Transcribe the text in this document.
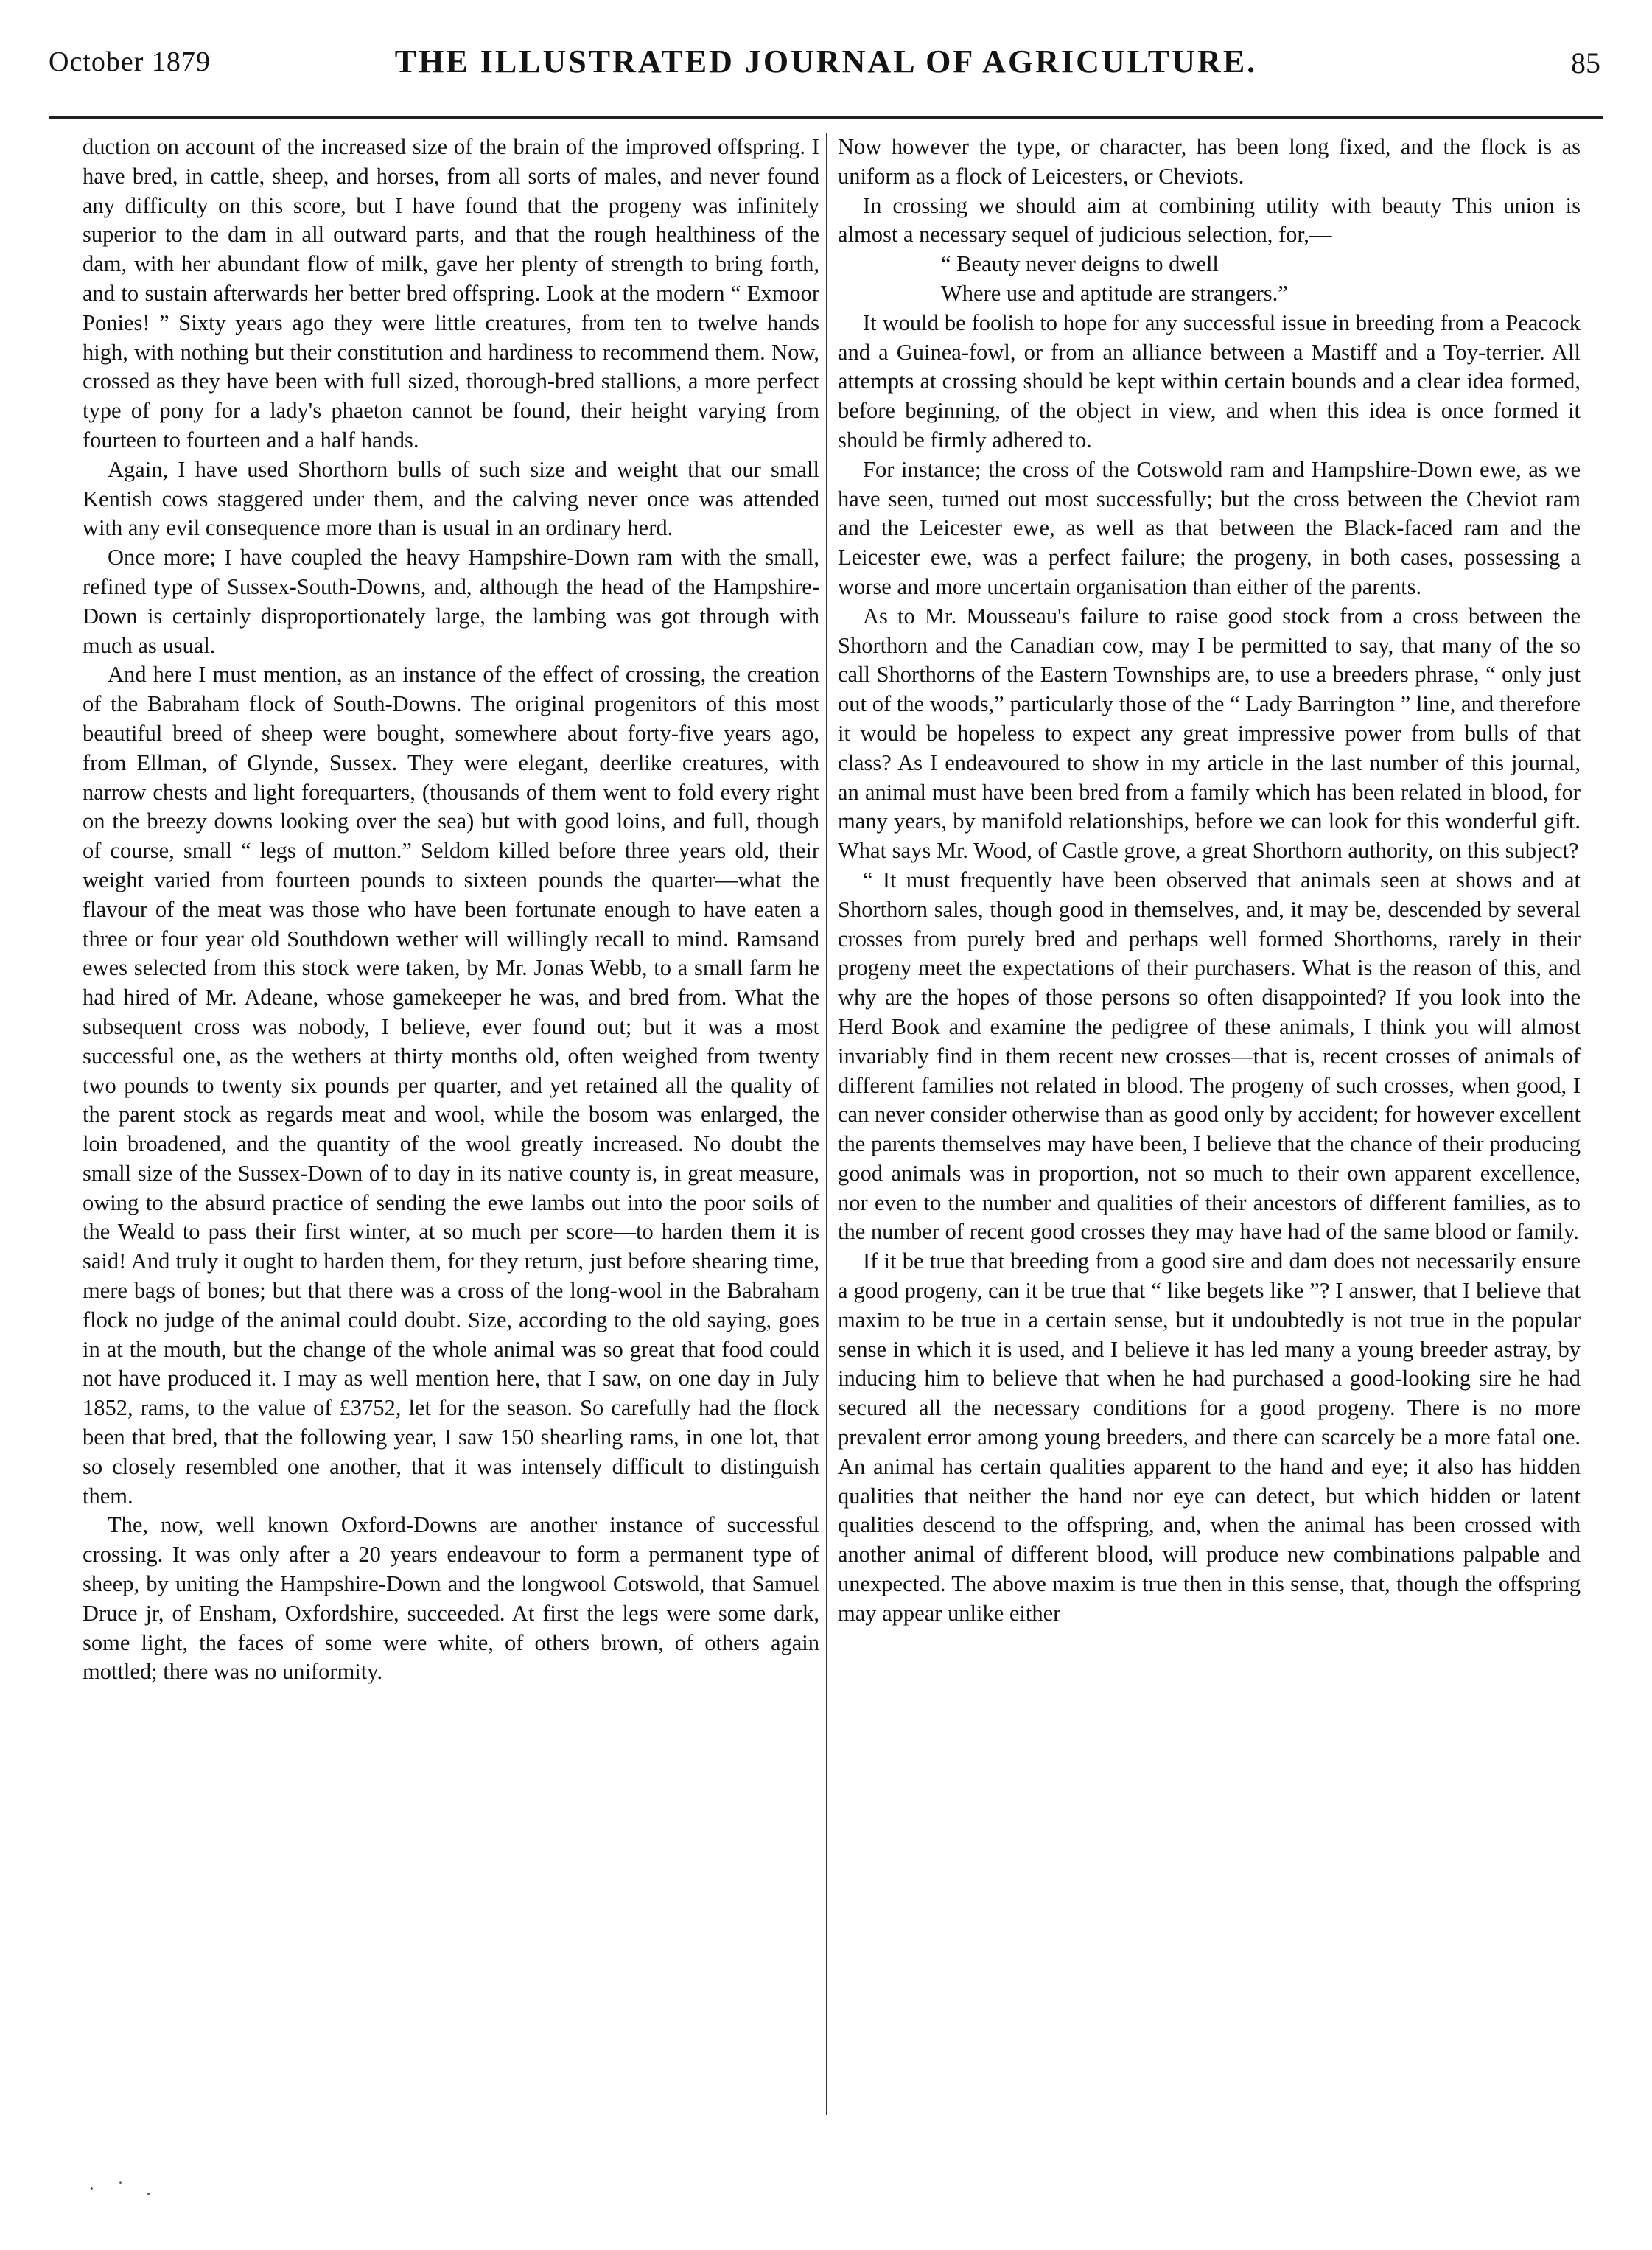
October 1879	THE ILLUSTRATED JOURNAL OF AGRICULTURE.	85

duction on account of the increased size of the brain of the improved offspring. I have bred, in cattle, sheep, and horses, from all sorts of males, and never found any difficulty on this score, but I have found that the progeny was infinitely superior to the dam in all outward parts, and that the rough healthiness of the dam, with her abundant flow of milk, gave her plenty of strength to bring forth, and to sustain afterwards her better bred offspring. Look at the modern “ Exmoor Ponies! ” Sixty years ago they were little creatures, from ten to twelve hands high, with nothing but their constitution and hardiness to recommend them. Now, crossed as they have been with full sized, thorough-bred stallions, a more perfect type of pony for a lady's phaeton cannot be found, their height varying from fourteen to fourteen and a half hands.

Again, I have used Shorthorn bulls of such size and weight that our small Kentish cows staggered under them, and the calving never once was attended with any evil consequence more than is usual in an ordinary herd.

Once more; I have coupled the heavy Hampshire-Down ram with the small, refined type of Sussex-South-Downs, and, although the head of the Hampshire-Down is certainly disproportionately large, the lambing was got through with much as usual.

And here I must mention, as an instance of the effect of crossing, the creation of the Babraham flock of South-Downs. The original progenitors of this most beautiful breed of sheep were bought, somewhere about forty-five years ago, from Ellman, of Glynde, Sussex. They were elegant, deerlike creatures, with narrow chests and light forequarters, (thousands of them went to fold every right on the breezy downs looking over the sea) but with good loins, and full, though of course, small “ legs of mutton.” Seldom killed before three years old, their weight varied from fourteen pounds to sixteen pounds the quarter—what the flavour of the meat was those who have been fortunate enough to have eaten a three or four year old Southdown wether will willingly recall to mind. Ramsand ewes selected from this stock were taken, by Mr. Jonas Webb, to a small farm he had hired of Mr. Adeane, whose gamekeeper he was, and bred from. What the subsequent cross was nobody, I believe, ever found out; but it was a most successful one, as the wethers at thirty months old, often weighed from twenty two pounds to twenty six pounds per quarter, and yet retained all the quality of the parent stock as regards meat and wool, while the bosom was enlarged, the loin broadened, and the quantity of the wool greatly increased. No doubt the small size of the Sussex-Down of to day in its native county is, in great measure, owing to the absurd practice of sending the ewe lambs out into the poor soils of the Weald to pass their first winter, at so much per score—to harden them it is said! And truly it ought to harden them, for they return, just before shearing time, mere bags of bones; but that there was a cross of the long-wool in the Babraham flock no judge of the animal could doubt. Size, according to the old saying, goes in at the mouth, but the change of the whole animal was so great that food could not have produced it. I may as well mention here, that I saw, on one day in July 1852, rams, to the value of £3752, let for the season. So carefully had the flock been that bred, that the following year, I saw 150 shearling rams, in one lot, that so closely resembled one another, that it was intensely difficult to distinguish them.

The, now, well known Oxford-Downs are another instance of successful crossing. It was only after a 20 years endeavour to form a permanent type of sheep, by uniting the Hampshire-Down and the longwool Cotswold, that Samuel Druce jr, of Ensham, Oxfordshire, succeeded. At first the legs were some dark, some light, the faces of some were white, of others brown, of others again mottled; there was no uniformity.

Now however the type, or character, has been long fixed, and the flock is as uniform as a flock of Leicesters, or Cheviots.

In crossing we should aim at combining utility with beauty This union is almost a necessary sequel of judicious selection, for,—

“ Beauty never deigns to dwell

Where use and aptitude are strangers.”

It would be foolish to hope for any successful issue in breeding from a Peacock and a Guinea-fowl, or from an alliance between a Mastiff and a Toy-terrier. All attempts at crossing should be kept within certain bounds and a clear idea formed, before beginning, of the object in view, and when this idea is once formed it should be firmly adhered to.

For instance; the cross of the Cotswold ram and Hampshire-Down ewe, as we have seen, turned out most successfully; but the cross between the Cheviot ram and the Leicester ewe, as well as that between the Black-faced ram and the Leicester ewe, was a perfect failure; the progeny, in both cases, possessing a worse and more uncertain organisation than either of the parents.

As to Mr. Mousseau's failure to raise good stock from a cross between the Shorthorn and the Canadian cow, may I be permitted to say, that many of the so call Shorthorns of the Eastern Townships are, to use a breeders phrase, “ only just out of the woods,” particularly those of the “ Lady Barrington ” line, and therefore it would be hopeless to expect any great impressive power from bulls of that class? As I endeavoured to show in my article in the last number of this journal, an animal must have been bred from a family which has been related in blood, for many years, by manifold relationships, before we can look for this wonderful gift. What says Mr. Wood, of Castle grove, a great Shorthorn authority, on this subject?

“ It must frequently have been observed that animals seen at shows and at Shorthorn sales, though good in themselves, and, it may be, descended by several crosses from purely bred and perhaps well formed Shorthorns, rarely in their progeny meet the expectations of their purchasers. What is the reason of this, and why are the hopes of those persons so often disappointed? If you look into the Herd Book and examine the pedigree of these animals, I think you will almost invariably find in them recent new crosses—that is, recent crosses of animals of different families not related in blood. The progeny of such crosses, when good, I can never consider otherwise than as good only by accident; for however excellent the parents themselves may have been, I believe that the chance of their producing good animals was in proportion, not so much to their own apparent excellence, nor even to the number and qualities of their ancestors of different families, as to the number of recent good crosses they may have had of the same blood or family.

If it be true that breeding from a good sire and dam does not necessarily ensure a good progeny, can it be true that “ like begets like ”? I answer, that I believe that maxim to be true in a certain sense, but it undoubtedly is not true in the popular sense in which it is used, and I believe it has led many a young breeder astray, by inducing him to believe that when he had purchased a good-looking sire he had secured all the necessary conditions for a good progeny. There is no more prevalent error among young breeders, and there can scarcely be a more fatal one. An animal has certain qualities apparent to the hand and eye; it also has hidden qualities that neither the hand nor eye can detect, but which hidden or latent qualities descend to the offspring, and, when the animal has been crossed with another animal of different blood, will produce new combinations palpable and unexpected. The above maxim is true then in this sense, that, though the offspring may appear unlike either

· ˙ .
